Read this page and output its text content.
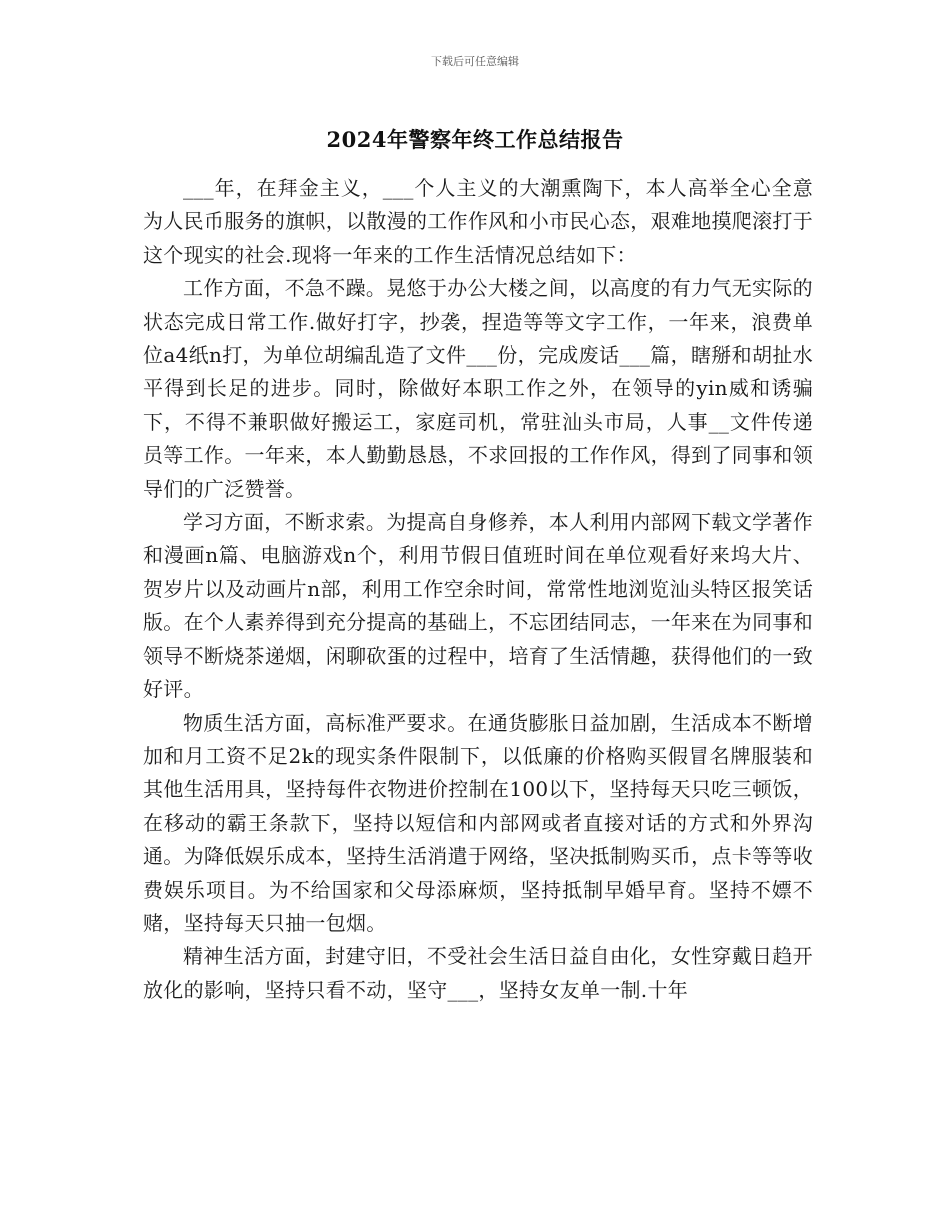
下载后可任意编辑
2024年警察年终工作总结报告

___年，在拜金主义，___个人主义的大潮熏陶下，本人高举全心全意为人民币服务的旗帜，以散漫的工作作风和小市民心态，艰难地摸爬滚打于这个现实的社会.现将一年来的工作生活情况总结如下：

工作方面，不急不躁。晃悠于办公大楼之间，以高度的有力气无实际的状态完成日常工作.做好打字，抄袭，捏造等等文字工作，一年来，浪费单位a4纸n打，为单位胡编乱造了文件___份，完成废话___篇，瞎掰和胡扯水平得到长足的进步。同时，除做好本职工作之外，在领导的yin威和诱骗下，不得不兼职做好搬运工，家庭司机，常驻汕头市局，人事__文件传递员等工作。一年来，本人勤勤恳恳，不求回报的工作作风，得到了同事和领导们的广泛赞誉。

学习方面，不断求索。为提高自身修养，本人利用内部网下载文学著作和漫画n篇、电脑游戏n个，利用节假日值班时间在单位观看好来坞大片、贺岁片以及动画片n部，利用工作空余时间，常常性地浏览汕头特区报笑话版。在个人素养得到充分提高的基础上，不忘团结同志，一年来在为同事和领导不断烧茶递烟，闲聊砍蛋的过程中，培育了生活情趣，获得他们的一致好评。

物质生活方面，高标准严要求。在通货膨胀日益加剧，生活成本不断增加和月工资不足2k的现实条件限制下，以低廉的价格购买假冒名牌服装和其他生活用具，坚持每件衣物进价控制在100以下，坚持每天只吃三顿饭，在移动的霸王条款下，坚持以短信和内部网或者直接对话的方式和外界沟通。为降低娱乐成本，坚持生活消遣于网络，坚决抵制购买币，点卡等等收费娱乐项目。为不给国家和父母添麻烦，坚持抵制早婚早育。坚持不嫖不赌，坚持每天只抽一包烟。

精神生活方面，封建守旧，不受社会生活日益自由化，女性穿戴日趋开放化的影响，坚持只看不动，坚守___，坚持女友单一制.十年
